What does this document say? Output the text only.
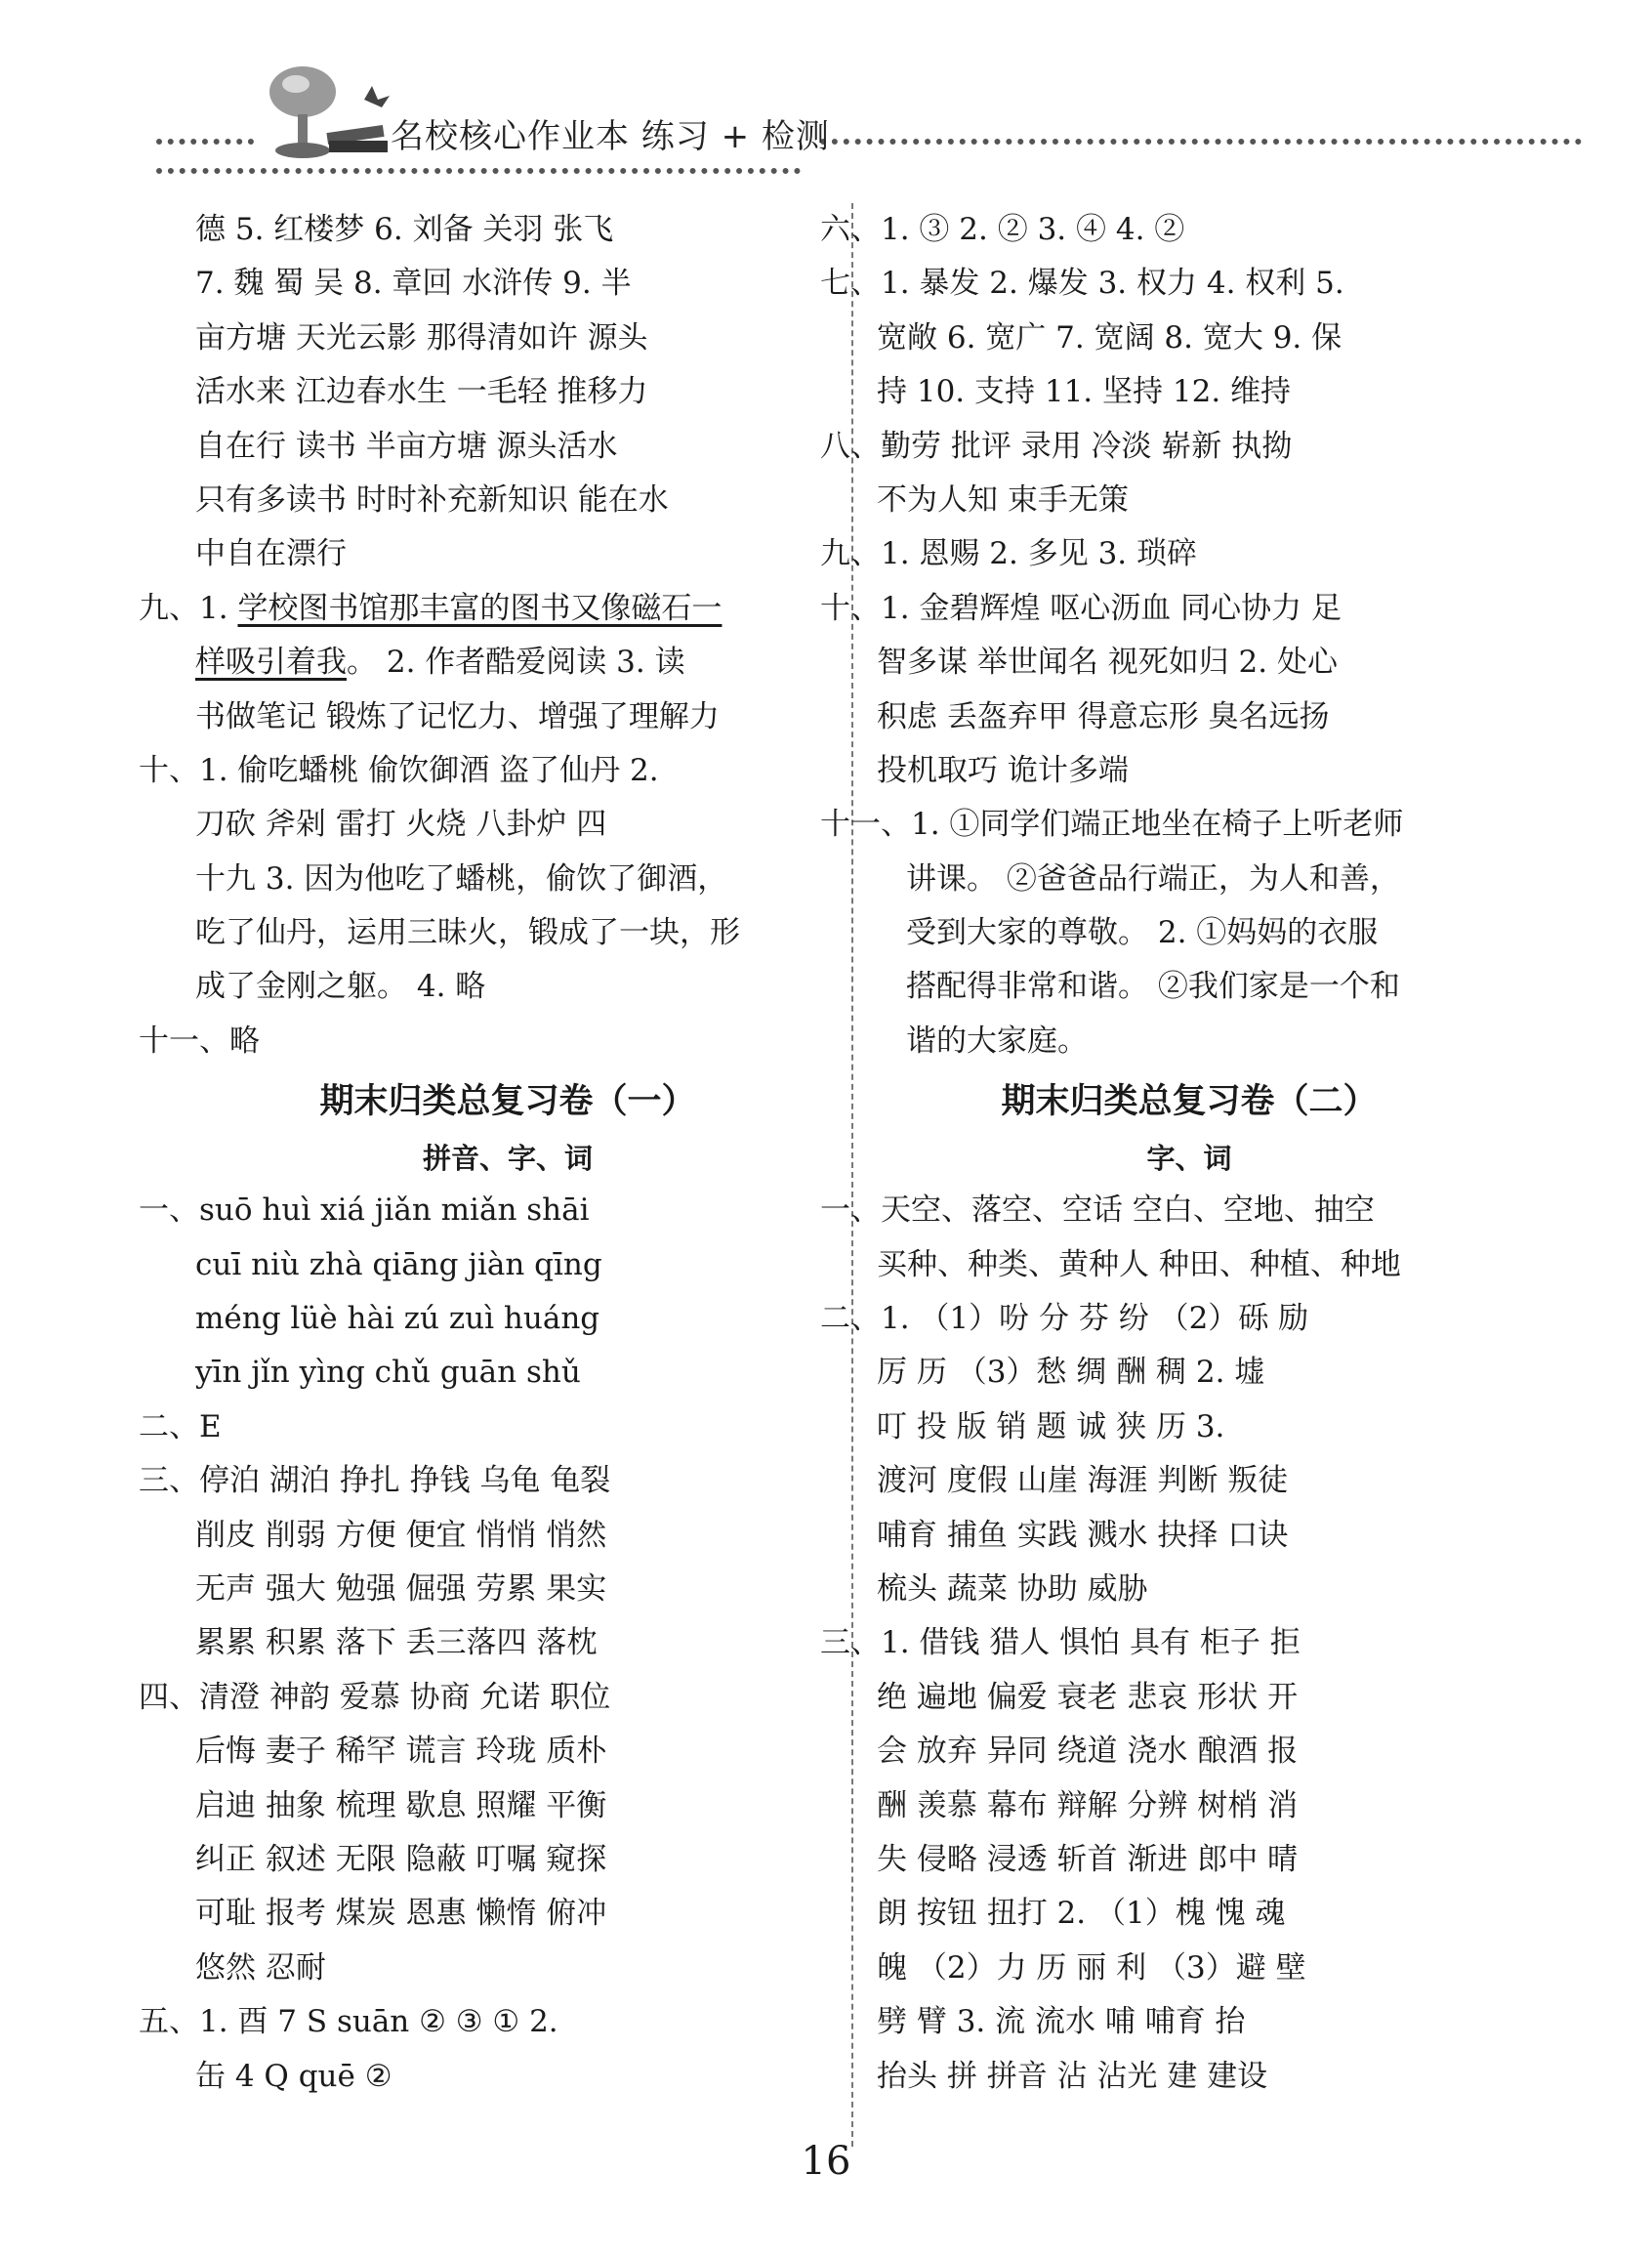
名校核心作业本 练习 + 检测
德 5. 红楼梦 6. 刘备 关羽 张飞
7. 魏 蜀 吴 8. 章回 水浒传 9. 半
亩方塘 天光云影 那得清如许 源头
活水来 江边春水生 一毛轻 推移力
自在行 读书 半亩方塘 源头活水
只有多读书 时时补充新知识 能在水
中自在漂行
九、1. 学校图书馆那丰富的图书又像磁石一
样吸引着我。 2. 作者酷爱阅读 3. 读
书做笔记 锻炼了记忆力、增强了理解力
十、1. 偷吃蟠桃 偷饮御酒 盗了仙丹 2.
刀砍 斧剁 雷打 火烧 八卦炉 四
十九 3. 因为他吃了蟠桃，偷饮了御酒，
吃了仙丹，运用三昧火，锻成了一块，形
成了金刚之躯。 4. 略
十一、略
期末归类总复习卷（一）
拼音、字、词
一、suō huì xiá jiǎn miǎn shāi
cuī niù zhà qiāng jiàn qīng
méng lüè hài zú zuì huáng
yīn jǐn yìng chǔ guān shǔ
二、E
三、停泊 湖泊 挣扎 挣钱 乌龟 龟裂
削皮 削弱 方便 便宜 悄悄 悄然
无声 强大 勉强 倔强 劳累 果实
累累 积累 落下 丢三落四 落枕
四、清澄 神韵 爱慕 协商 允诺 职位
后悔 妻子 稀罕 谎言 玲珑 质朴
启迪 抽象 梳理 歇息 照耀 平衡
纠正 叙述 无限 隐蔽 叮嘱 窥探
可耻 报考 煤炭 恩惠 懒惰 俯冲
悠然 忍耐
五、1. 酉 7 S suān ② ③ ① 2.
缶 4 Q quē ②
六、1. ③ 2. ② 3. ④ 4. ②
七、1. 暴发 2. 爆发 3. 权力 4. 权利 5.
宽敞 6. 宽广 7. 宽阔 8. 宽大 9. 保
持 10. 支持 11. 坚持 12. 维持
八、勤劳 批评 录用 冷淡 崭新 执拗
不为人知 束手无策
九、1. 恩赐 2. 多见 3. 琐碎
十、1. 金碧辉煌 呕心沥血 同心协力 足
智多谋 举世闻名 视死如归 2. 处心
积虑 丢盔弃甲 得意忘形 臭名远扬
投机取巧 诡计多端
十一、1. ①同学们端正地坐在椅子上听老师
讲课。 ②爸爸品行端正，为人和善，
受到大家的尊敬。 2. ①妈妈的衣服
搭配得非常和谐。 ②我们家是一个和
谐的大家庭。
期末归类总复习卷（二）
字、词
一、天空、落空、空话 空白、空地、抽空
买种、种类、黄种人 种田、种植、种地
二、1. （1）吩 分 芬 纷 （2）砾 励
厉 历 （3）愁 绸 酬 稠 2. 墟
叮 投 版 销 题 诚 狭 历 3.
渡河 度假 山崖 海涯 判断 叛徒
哺育 捕鱼 实践 溅水 抉择 口诀
梳头 蔬菜 协助 威胁
三、1. 借钱 猎人 惧怕 具有 柜子 拒
绝 遍地 偏爱 衰老 悲哀 形状 开
会 放弃 异同 绕道 浇水 酿酒 报
酬 羡慕 幕布 辩解 分辨 树梢 消
失 侵略 浸透 斩首 渐进 郎中 晴
朗 按钮 扭打 2. （1）槐 愧 魂
魄 （2）力 历 丽 利 （3）避 壁
劈 臂 3. 流 流水 哺 哺育 抬
抬头 拼 拼音 沾 沾光 建 建设
16
